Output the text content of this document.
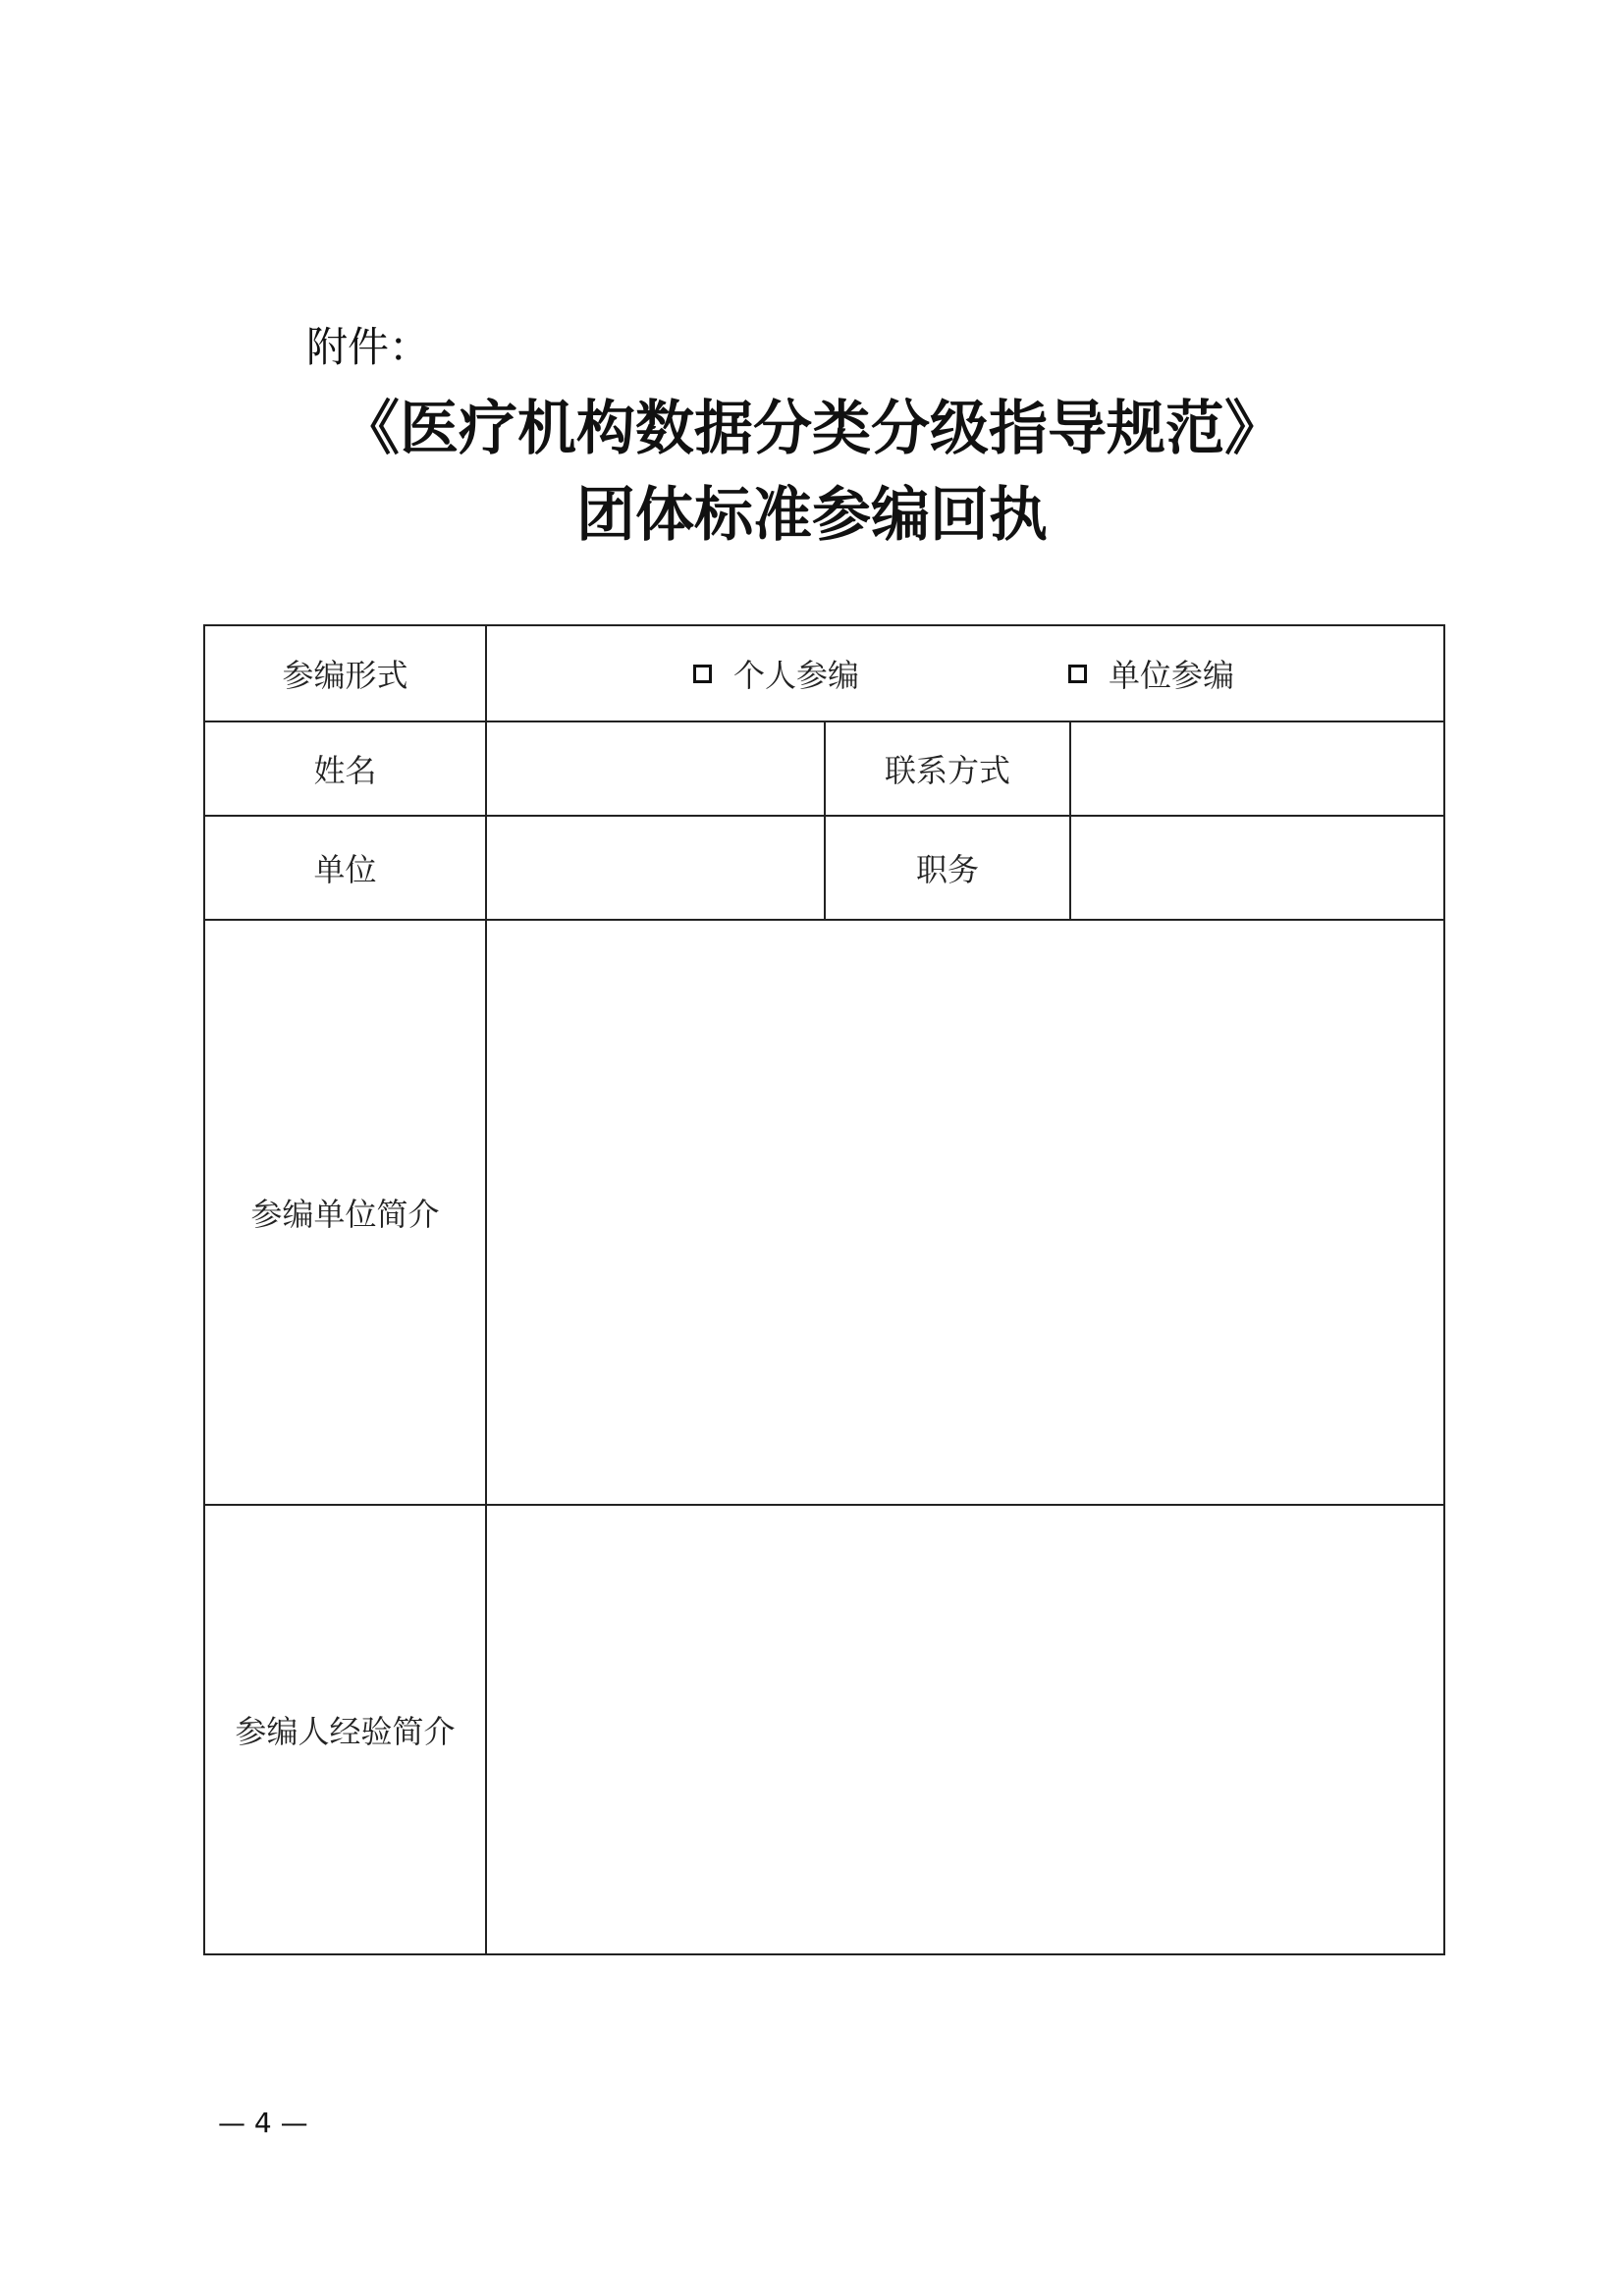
附件：
《医疗机构数据分类分级指导规范》
团体标准参编回执
参编形式	个人参编 单位参编		

姓名		联系方式	
单位		职务	
参编单位简介			
参编人经验简介			
— 4 —
